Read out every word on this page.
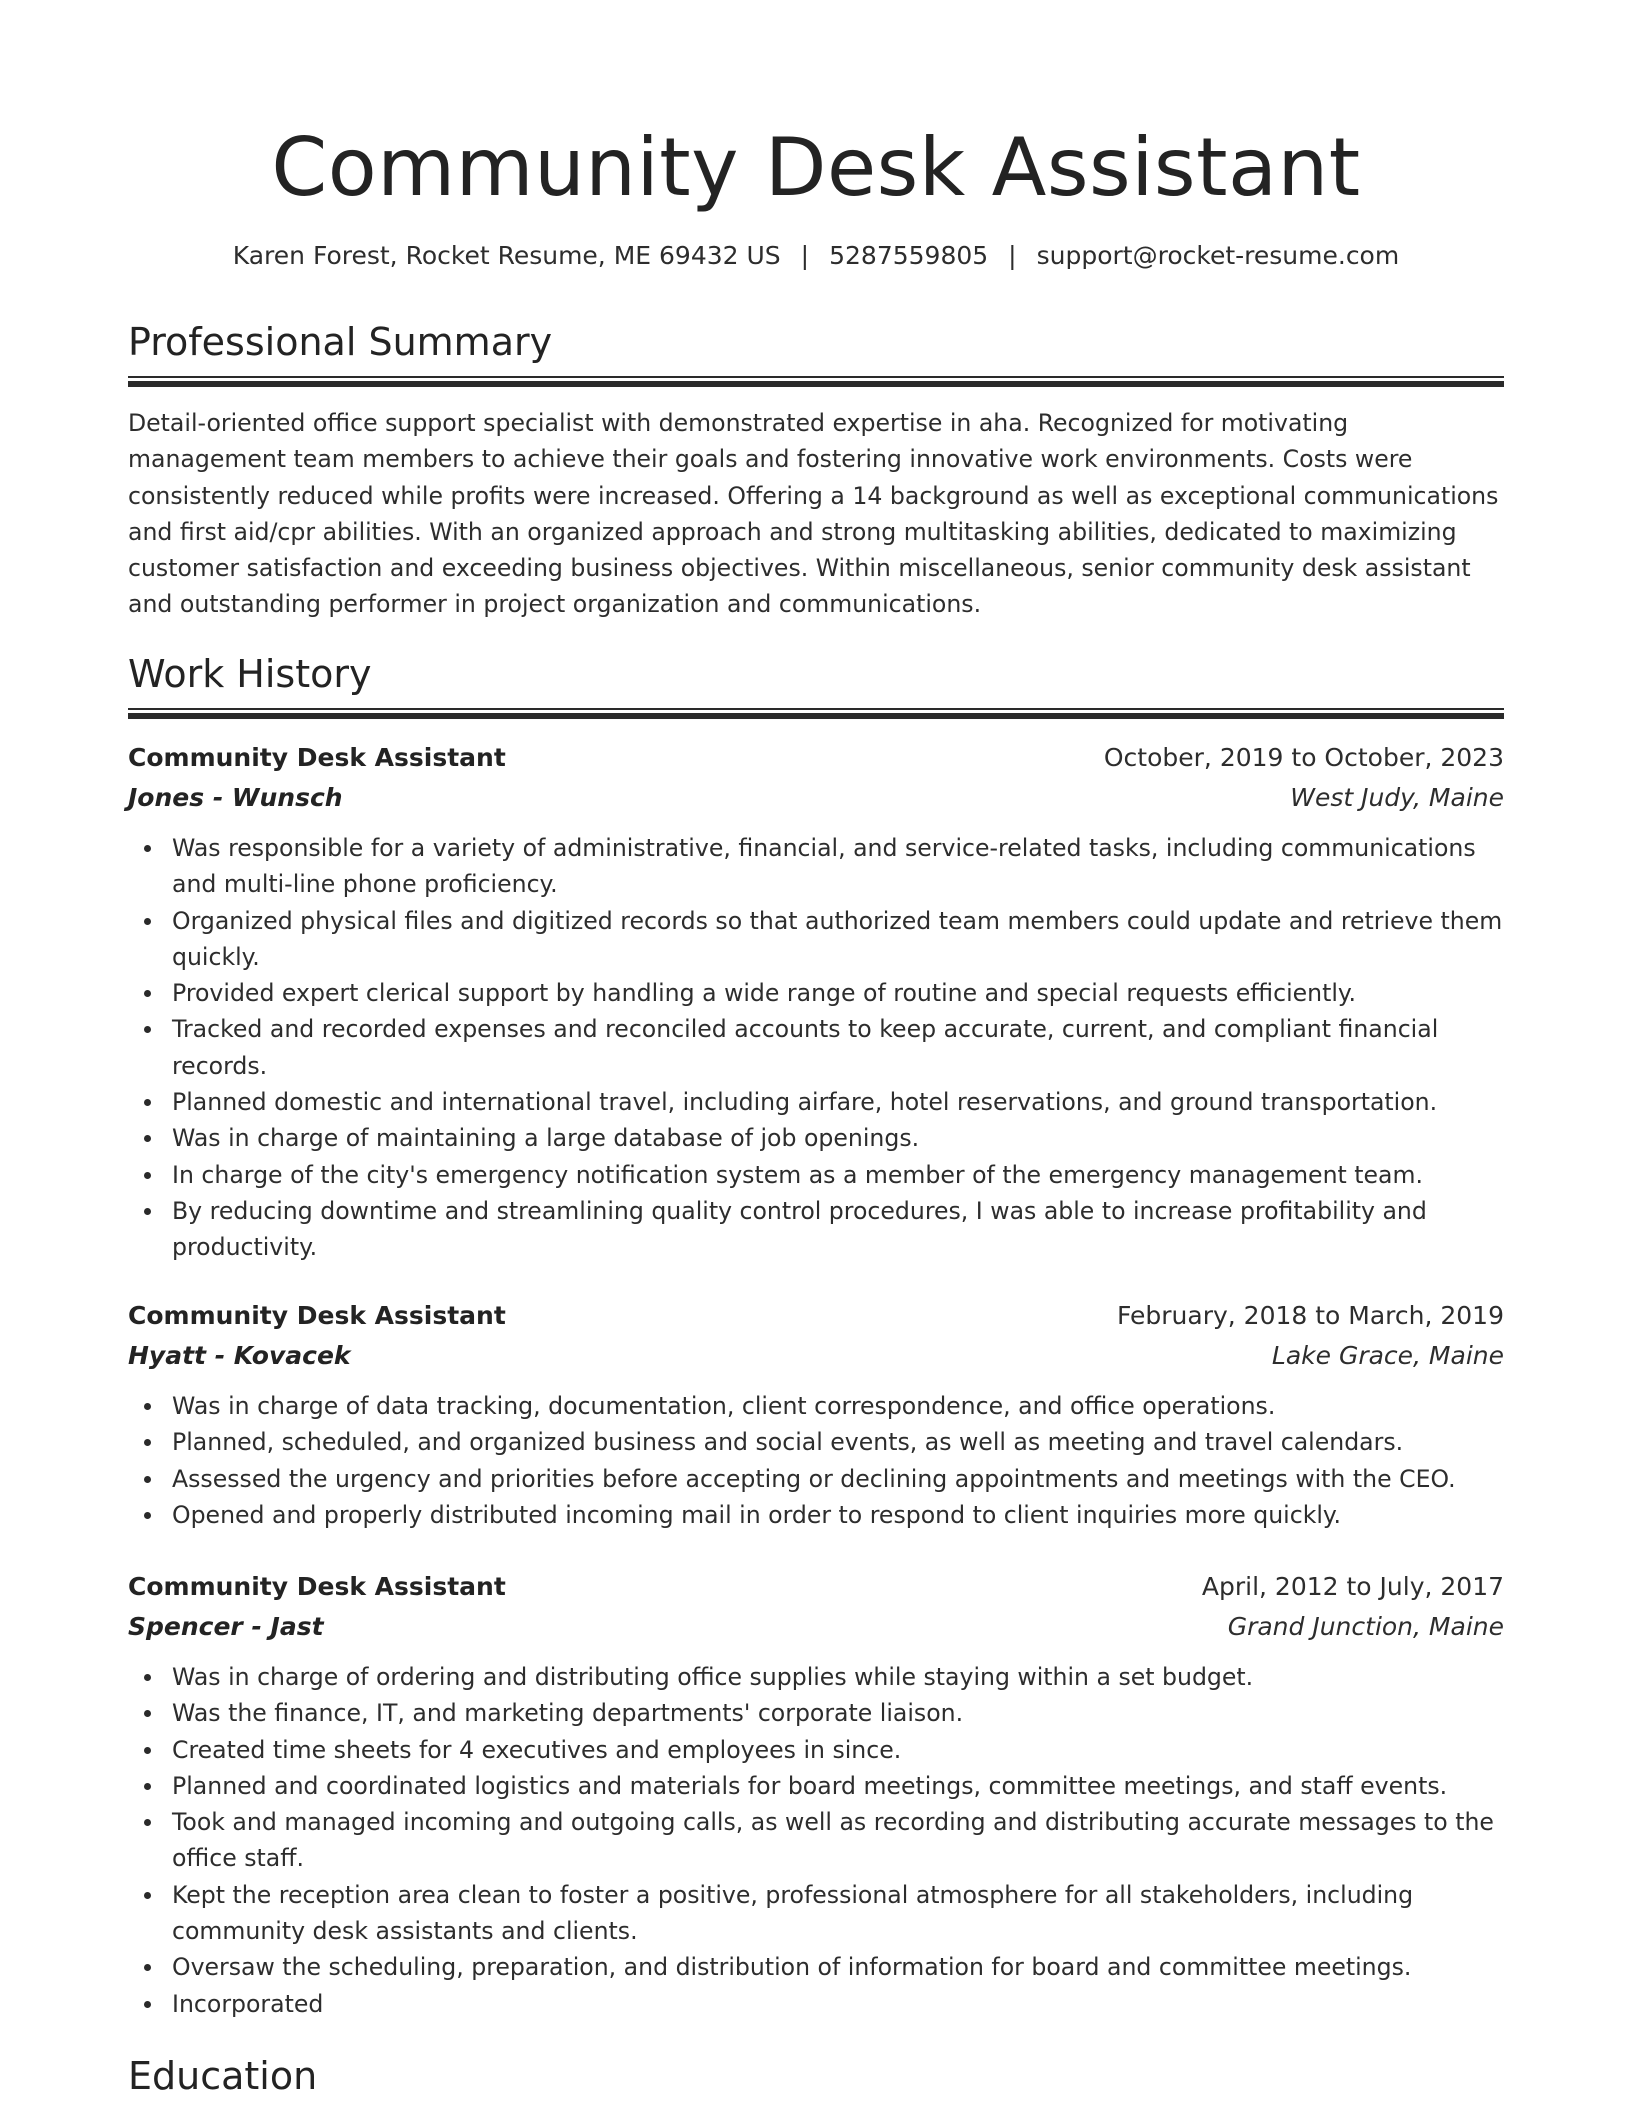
Community Desk Assistant
Karen Forest, Rocket Resume, ME 69432 US | 5287559805 | support@rocket-resume.com
Professional Summary

Detail-oriented office support specialist with demonstrated expertise in aha. Recognized for motivating management team members to achieve their goals and fostering innovative work environments. Costs were consistently reduced while profits were increased. Offering a 14 background as well as exceptional communications and first aid/cpr abilities. With an organized approach and strong multitasking abilities, dedicated to maximizing customer satisfaction and exceeding business objectives. Within miscellaneous, senior community desk assistant and outstanding performer in project organization and communications.

Work History
Community Desk Assistant	October, 2019 to October, 2023
Jones - Wunsch	West Judy, Maine
Was responsible for a variety of administrative, financial, and service-related tasks, including communications and multi-line phone proficiency.
Organized physical files and digitized records so that authorized team members could update and retrieve them quickly.
Provided expert clerical support by handling a wide range of routine and special requests efficiently.
Tracked and recorded expenses and reconciled accounts to keep accurate, current, and compliant financial records.
Planned domestic and international travel, including airfare, hotel reservations, and ground transportation.
Was in charge of maintaining a large database of job openings.
In charge of the city's emergency notification system as a member of the emergency management team.
By reducing downtime and streamlining quality control procedures, I was able to increase profitability and productivity.
Community Desk Assistant	February, 2018 to March, 2019
Hyatt - Kovacek	Lake Grace, Maine
Was in charge of data tracking, documentation, client correspondence, and office operations.
Planned, scheduled, and organized business and social events, as well as meeting and travel calendars.
Assessed the urgency and priorities before accepting or declining appointments and meetings with the CEO.
Opened and properly distributed incoming mail in order to respond to client inquiries more quickly.
Community Desk Assistant	April, 2012 to July, 2017
Spencer - Jast	Grand Junction, Maine
Was in charge of ordering and distributing office supplies while staying within a set budget.
Was the finance, IT, and marketing departments' corporate liaison.
Created time sheets for 4 executives and employees in since.
Planned and coordinated logistics and materials for board meetings, committee meetings, and staff events.
Took and managed incoming and outgoing calls, as well as recording and distributing accurate messages to the office staff.
Kept the reception area clean to foster a positive, professional atmosphere for all stakeholders, including community desk assistants and clients.
Oversaw the scheduling, preparation, and distribution of information for board and committee meetings.
Incorporated
Education
